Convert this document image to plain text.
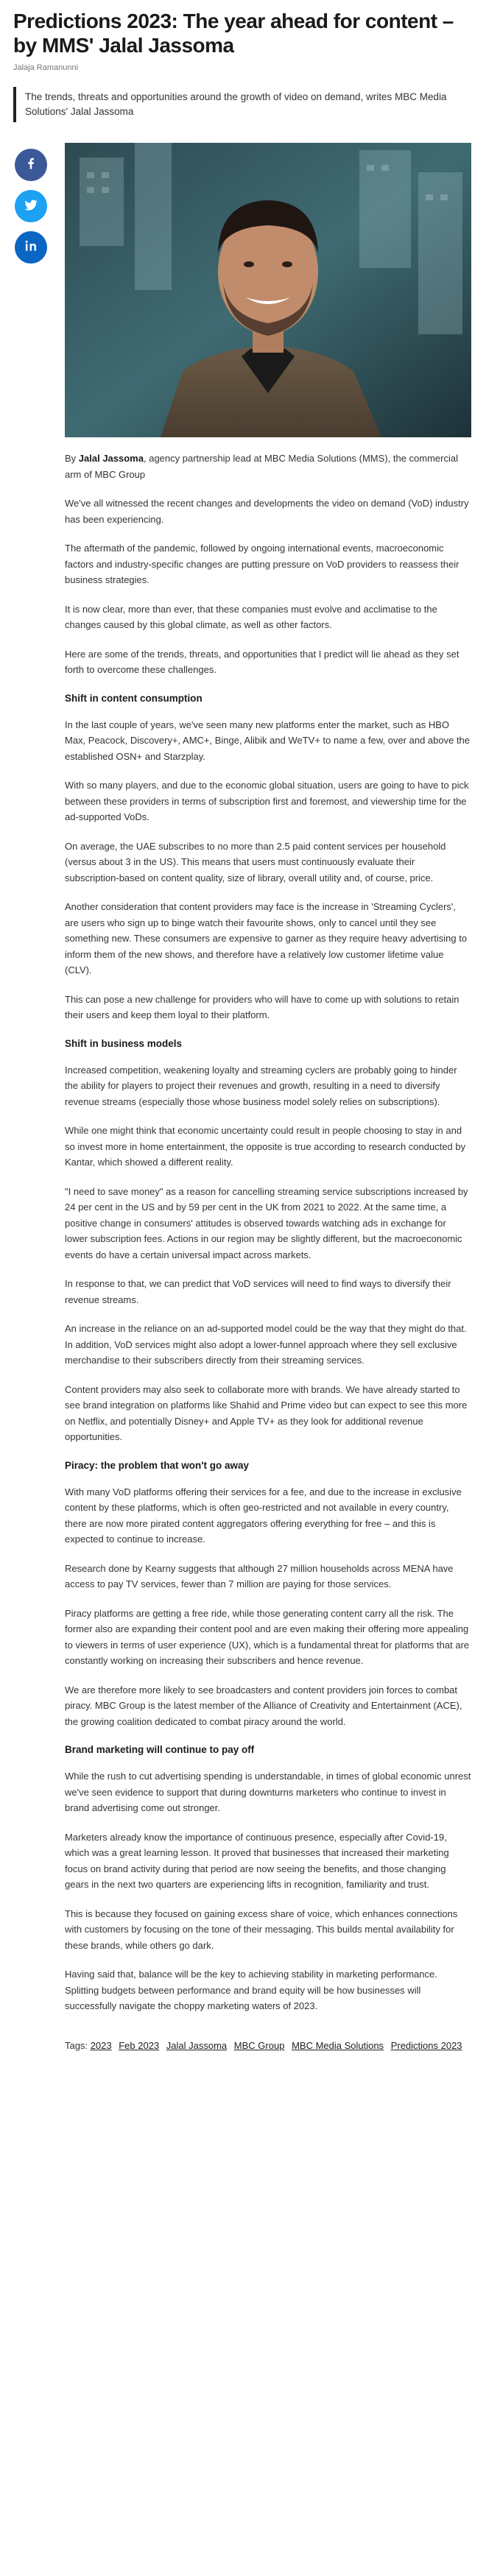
Predictions 2023: The year ahead for content – by MMS' Jalal Jassoma
Jalaja Ramanunni
The trends, threats and opportunities around the growth of video on demand, writes MBC Media Solutions' Jalal Jassoma

By Jalal Jassoma, agency partnership lead at MBC Media Solutions (MMS), the commercial arm of MBC Group

We've all witnessed the recent changes and developments the video on demand (VoD) industry has been experiencing.

The aftermath of the pandemic, followed by ongoing international events, macroeconomic factors and industry-specific changes are putting pressure on VoD providers to reassess their business strategies.

It is now clear, more than ever, that these companies must evolve and acclimatise to the changes caused by this global climate, as well as other factors.

Here are some of the trends, threats, and opportunities that I predict will lie ahead as they set forth to overcome these challenges.

Shift in content consumption

In the last couple of years, we've seen many new platforms enter the market, such as HBO Max, Peacock, Discovery+, AMC+, Binge, Alibik and WeTV+ to name a few, over and above the established OSN+ and Starzplay.

With so many players, and due to the economic global situation, users are going to have to pick between these providers in terms of subscription first and foremost, and viewership time for the ad-supported VoDs.

On average, the UAE subscribes to no more than 2.5 paid content services per household (versus about 3 in the US). This means that users must continuously evaluate their subscription-based on content quality, size of library, overall utility and, of course, price.

Another consideration that content providers may face is the increase in 'Streaming Cyclers', are users who sign up to binge watch their favourite shows, only to cancel until they see something new. These consumers are expensive to garner as they require heavy advertising to inform them of the new shows, and therefore have a relatively low customer lifetime value (CLV).

This can pose a new challenge for providers who will have to come up with solutions to retain their users and keep them loyal to their platform.

Shift in business models

Increased competition, weakening loyalty and streaming cyclers are probably going to hinder the ability for players to project their revenues and growth, resulting in a need to diversify revenue streams (especially those whose business model solely relies on subscriptions).

While one might think that economic uncertainty could result in people choosing to stay in and so invest more in home entertainment, the opposite is true according to research conducted by Kantar, which showed a different reality.

"I need to save money" as a reason for cancelling streaming service subscriptions increased by 24 per cent in the US and by 59 per cent in the UK from 2021 to 2022. At the same time, a positive change in consumers' attitudes is observed towards watching ads in exchange for lower subscription fees. Actions in our region may be slightly different, but the macroeconomic events do have a certain universal impact across markets.

In response to that, we can predict that VoD services will need to find ways to diversify their revenue streams.

An increase in the reliance on an ad-supported model could be the way that they might do that. In addition, VoD services might also adopt a lower-funnel approach where they sell exclusive merchandise to their subscribers directly from their streaming services.

Content providers may also seek to collaborate more with brands. We have already started to see brand integration on platforms like Shahid and Prime video but can expect to see this more on Netflix, and potentially Disney+ and Apple TV+ as they look for additional revenue opportunities.

Piracy: the problem that won't go away

With many VoD platforms offering their services for a fee, and due to the increase in exclusive content by these platforms, which is often geo-restricted and not available in every country, there are now more pirated content aggregators offering everything for free – and this is expected to continue to increase.

Research done by Kearny suggests that although 27 million households across MENA have access to pay TV services, fewer than 7 million are paying for those services.

Piracy platforms are getting a free ride, while those generating content carry all the risk. The former also are expanding their content pool and are even making their offering more appealing to viewers in terms of user experience (UX), which is a fundamental threat for platforms that are constantly working on increasing their subscribers and hence revenue.

We are therefore more likely to see broadcasters and content providers join forces to combat piracy. MBC Group is the latest member of the Alliance of Creativity and Entertainment (ACE), the growing coalition dedicated to combat piracy around the world.

Brand marketing will continue to pay off

While the rush to cut advertising spending is understandable, in times of global economic unrest we've seen evidence to support that during downturns marketers who continue to invest in brand advertising come out stronger.

Marketers already know the importance of continuous presence, especially after Covid-19, which was a great learning lesson. It proved that businesses that increased their marketing focus on brand activity during that period are now seeing the benefits, and those changing gears in the next two quarters are experiencing lifts in recognition, familiarity and trust.

This is because they focused on gaining excess share of voice, which enhances connections with customers by focusing on the tone of their messaging. This builds mental availability for these brands, while others go dark.

Having said that, balance will be the key to achieving stability in marketing performance. Splitting budgets between performance and brand equity will be how businesses will successfully navigate the choppy marketing waters of 2023.

Tags: 2023 Feb 2023 Jalal Jassoma MBC Group MBC Media Solutions Predictions 2023
